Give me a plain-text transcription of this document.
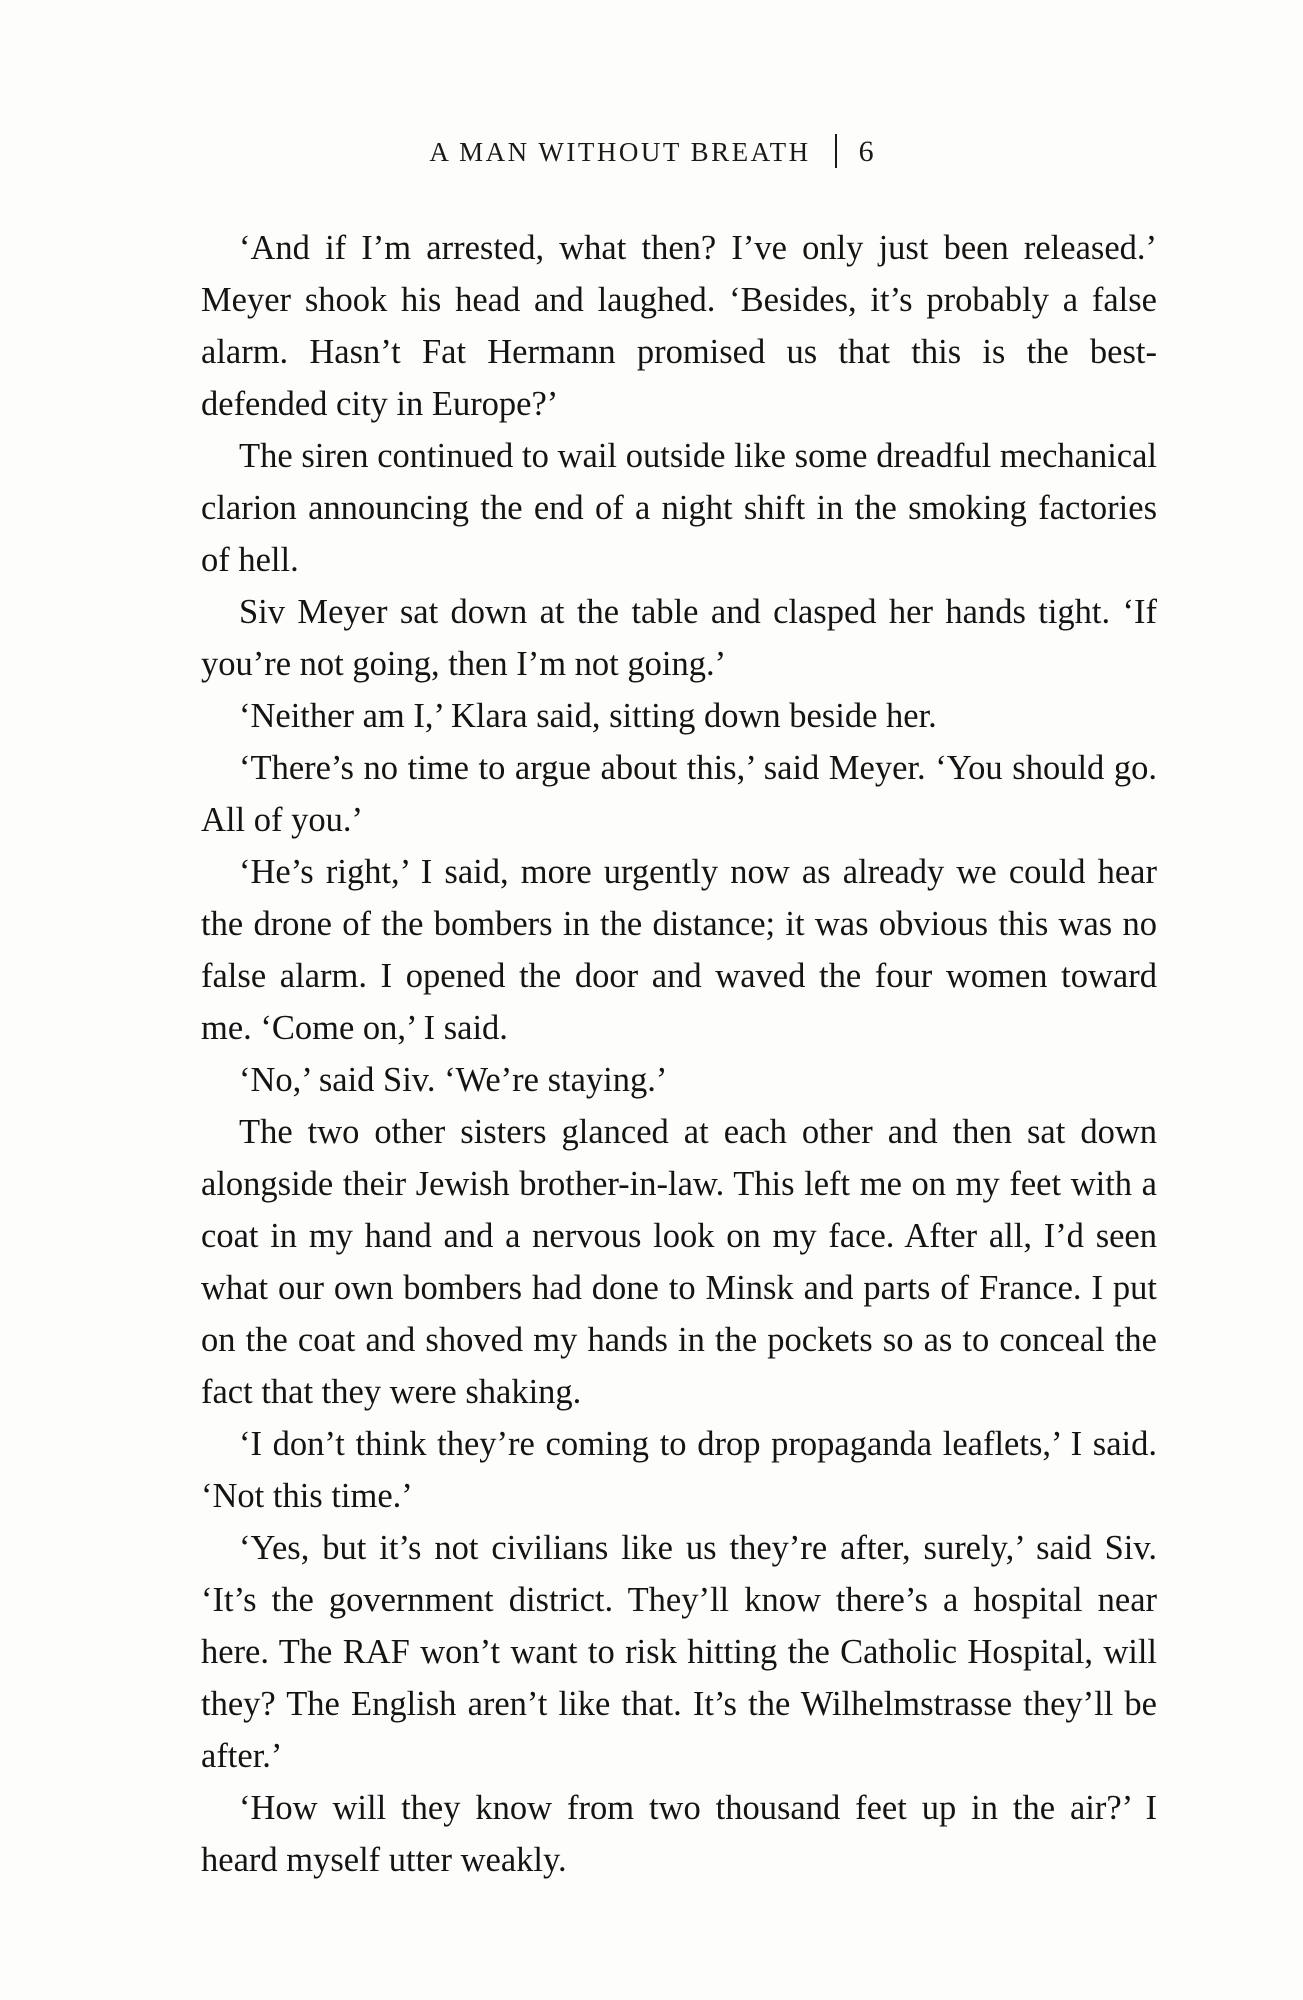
A MAN WITHOUT BREATH 6

‘And if I’m arrested, what then? I’ve only just been released.’ Meyer shook his head and laughed. ‘Besides, it’s probably a false alarm. Hasn’t Fat Hermann promised us that this is the best-defended city in Europe?’

The siren continued to wail outside like some dreadful mechanical clarion announcing the end of a night shift in the smoking factories of hell.

Siv Meyer sat down at the table and clasped her hands tight. ‘If you’re not going, then I’m not going.’

‘Neither am I,’ Klara said, sitting down beside her.

‘There’s no time to argue about this,’ said Meyer. ‘You should go. All of you.’

‘He’s right,’ I said, more urgently now as already we could hear the drone of the bombers in the distance; it was obvious this was no false alarm. I opened the door and waved the four women toward me. ‘Come on,’ I said.

‘No,’ said Siv. ‘We’re staying.’

The two other sisters glanced at each other and then sat down alongside their Jewish brother-in-law. This left me on my feet with a coat in my hand and a nervous look on my face. After all, I’d seen what our own bombers had done to Minsk and parts of France. I put on the coat and shoved my hands in the pockets so as to conceal the fact that they were shaking.

‘I don’t think they’re coming to drop propaganda leaflets,’ I said. ‘Not this time.’

‘Yes, but it’s not civilians like us they’re after, surely,’ said Siv. ‘It’s the government district. They’ll know there’s a hospital near here. The RAF won’t want to risk hitting the Catholic Hospital, will they? The English aren’t like that. It’s the Wilhelmstrasse they’ll be after.’

‘How will they know from two thousand feet up in the air?’ I heard myself utter weakly.
